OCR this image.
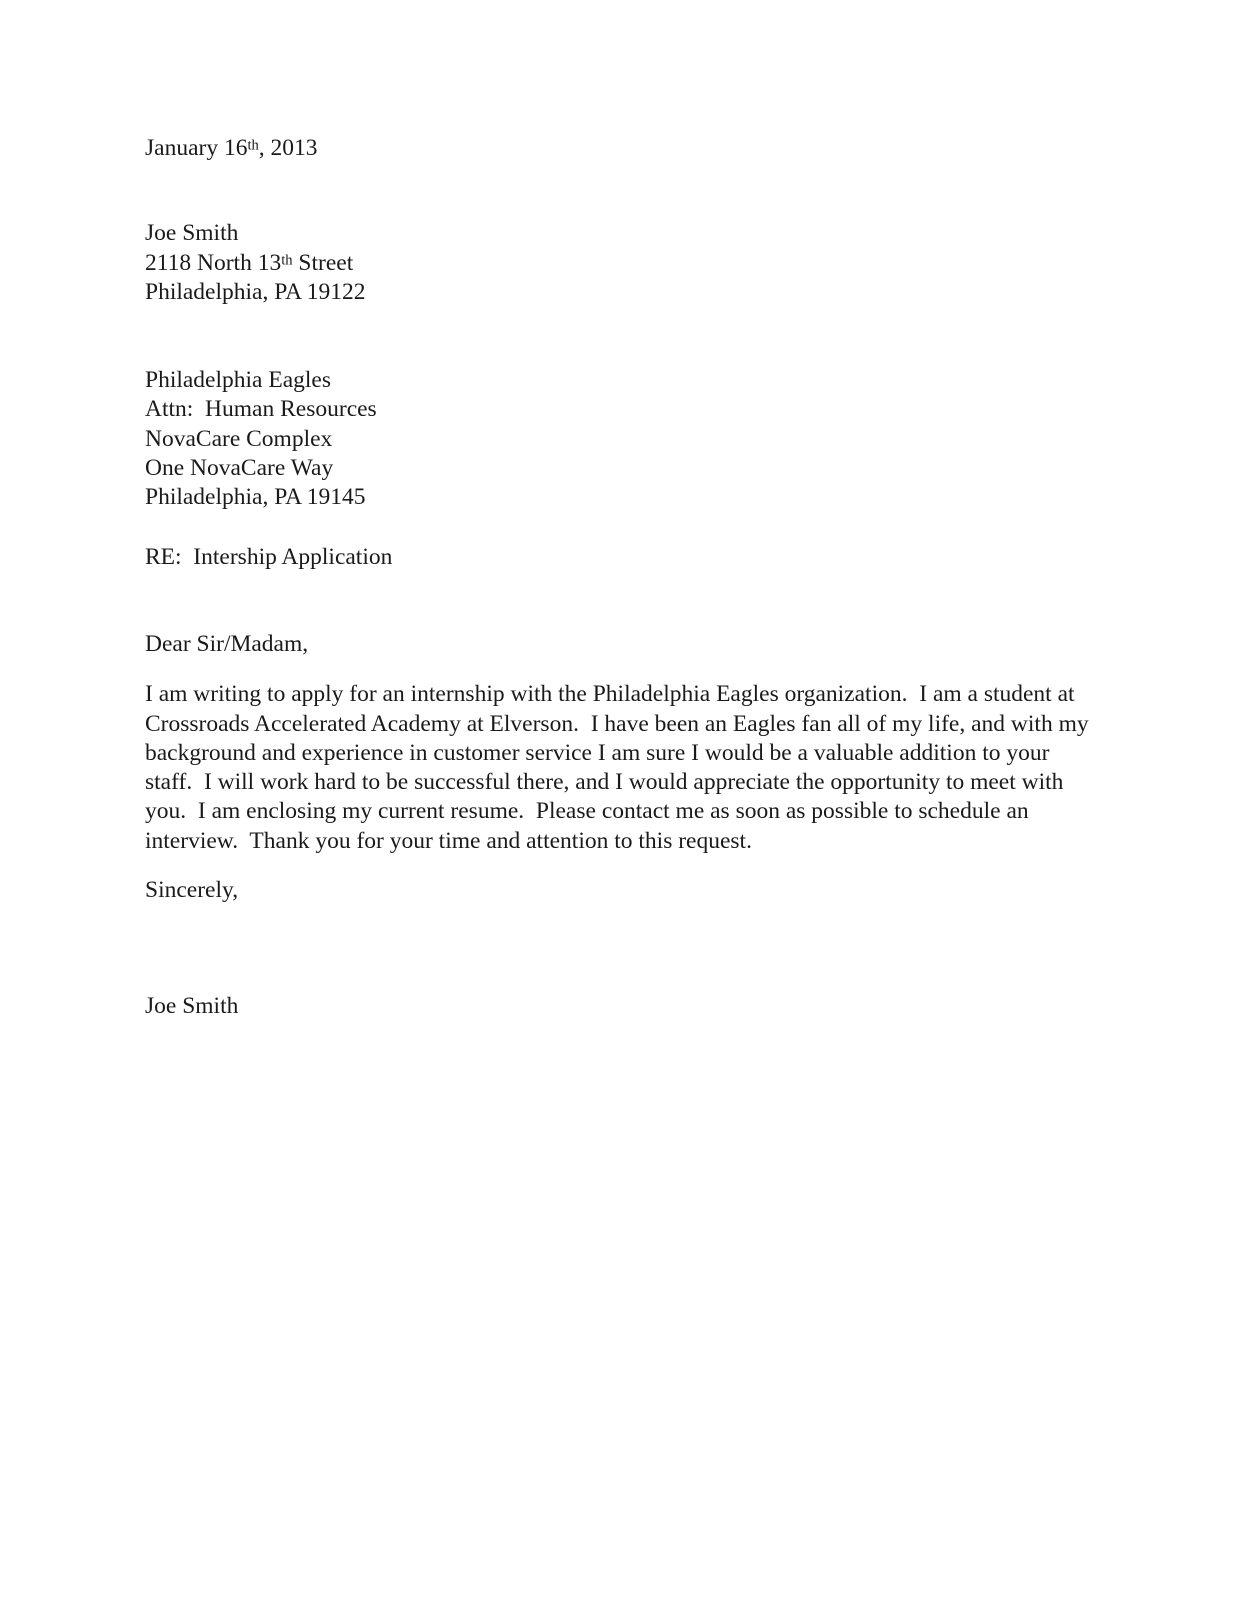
January 16th, 2013
Joe Smith
2118 North 13th Street
Philadelphia, PA 19122
Philadelphia Eagles
Attn:  Human Resources
NovaCare Complex
One NovaCare Way
Philadelphia, PA 19145
RE:  Intership Application
Dear Sir/Madam,
I am writing to apply for an internship with the Philadelphia Eagles organization.  I am a student at
Crossroads Accelerated Academy at Elverson.  I have been an Eagles fan all of my life, and with my
background and experience in customer service I am sure I would be a valuable addition to your
staff.  I will work hard to be successful there, and I would appreciate the opportunity to meet with
you.  I am enclosing my current resume.  Please contact me as soon as possible to schedule an
interview.  Thank you for your time and attention to this request.
Sincerely,
Joe Smith
